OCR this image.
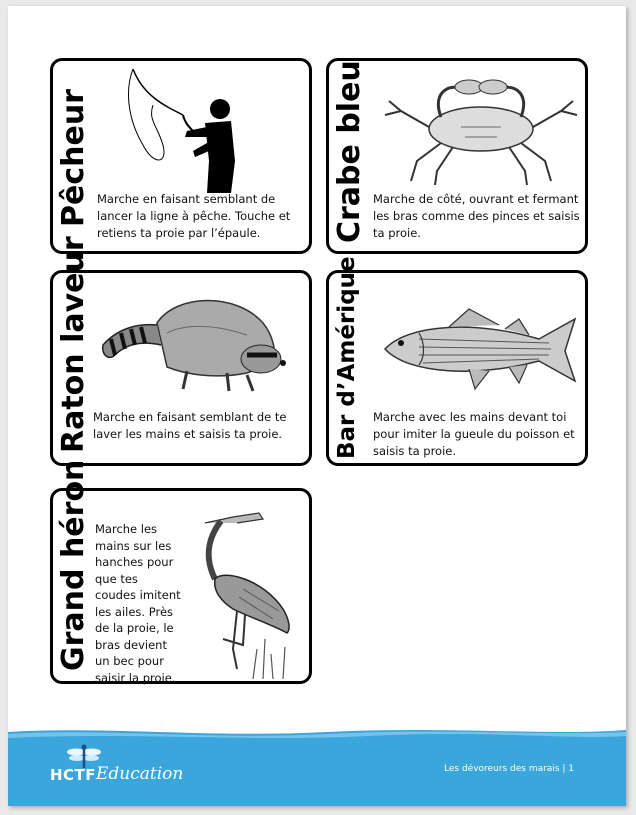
Pêcheur Marche en faisant semblant de lancer la ligne à pêche. Touche et retiens ta proie par l’épaule.	Crabe bleu Marche de côté, ouvrant et fermant les bras comme des pinces et saisis ta proie.
Raton laveur Marche en faisant semblant de te laver les mains et saisis ta proie.	Bar d’Amérique Marche avec les mains devant toi pour imiter la gueule du poisson et saisis ta proie.
Grand héron Marche les mains sur les hanches pour que tes coudes imitent les ailes. Près de la proie, le bras devient un bec pour saisir la proie.
HCTF Education	Les dévoreurs des marais | 1
